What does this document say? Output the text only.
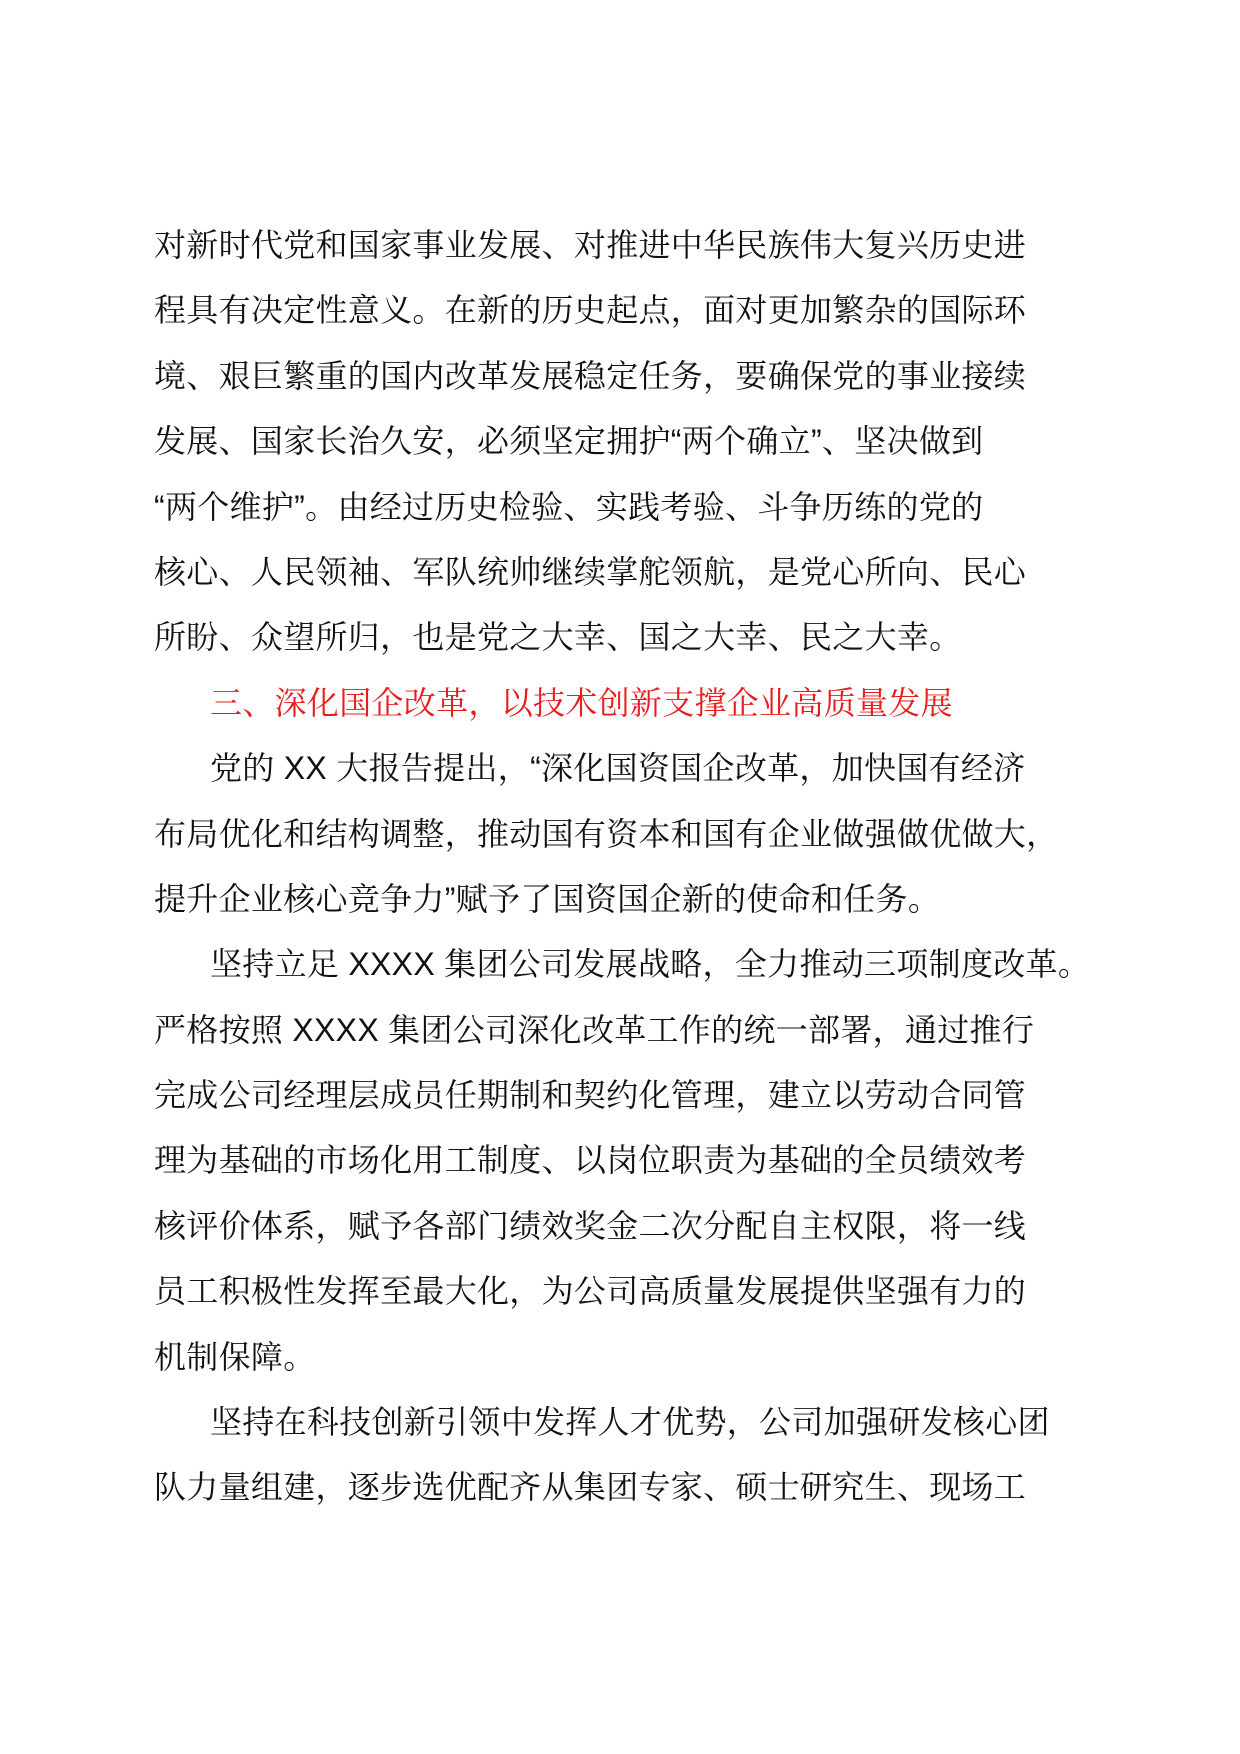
对新时代党和国家事业发展、对推进中华民族伟大复兴历史进
程具有决定性意义。在新的历史起点，面对更加繁杂的国际环
境、艰巨繁重的国内改革发展稳定任务，要确保党的事业接续
发展、国家长治久安，必须坚定拥护“两个确立”、坚决做到
“两个维护”。由经过历史检验、实践考验、斗争历练的党的
核心、人民领袖、军队统帅继续掌舵领航，是党心所向、民心
所盼、众望所归，也是党之大幸、国之大幸、民之大幸。
三、深化国企改革，以技术创新支撑企业高质量发展
党的 XX 大报告提出，“深化国资国企改革，加快国有经济
布局优化和结构调整，推动国有资本和国有企业做强做优做大，
提升企业核心竞争力”赋予了国资国企新的使命和任务。
坚持立足 XXXX 集团公司发展战略，全力推动三项制度改革。
严格按照 XXXX 集团公司深化改革工作的统一部署，通过推行
完成公司经理层成员任期制和契约化管理，建立以劳动合同管
理为基础的市场化用工制度、以岗位职责为基础的全员绩效考
核评价体系，赋予各部门绩效奖金二次分配自主权限，将一线
员工积极性发挥至最大化，为公司高质量发展提供坚强有力的
机制保障。
坚持在科技创新引领中发挥人才优势，公司加强研发核心团
队力量组建，逐步选优配齐从集团专家、硕士研究生、现场工
